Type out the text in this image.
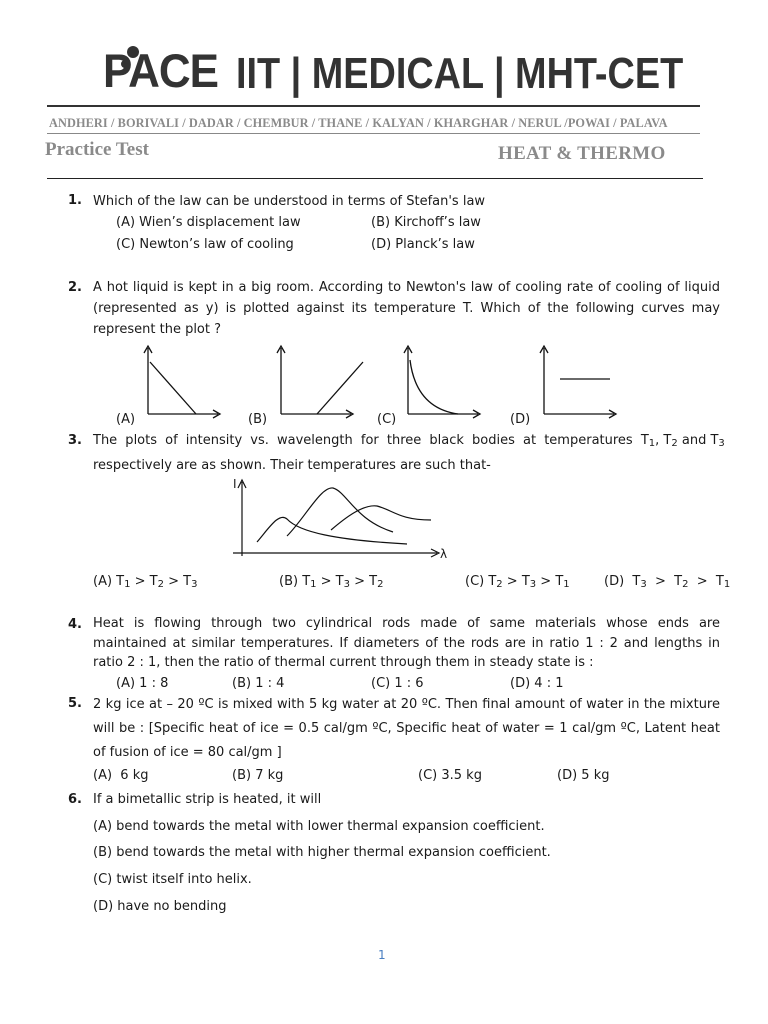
PACE IIT | MEDICAL | MHT-CET
ANDHERI / BORIVALI / DADAR / CHEMBUR / THANE / KALYAN / KHARGHAR / NERUL /POWAI / PALAVA
Practice Test	HEAT & THERMO
1. Which of the law can be understood in terms of Stefan's law
(A) Wien’s displacement law	(B) Kirchoff’s law
(C) Newton’s law of cooling	(D) Planck’s law
2. A hot liquid is kept in a big room. According to Newton's law of cooling rate of cooling of liquid (represented as y) is plotted against its temperature T. Which of the following curves may represent the plot ?
(A)	(B)	(C)	(D)
3. The plots of intensity vs. wavelength for three black bodies at temperatures $T_1$, $T_2$ and $T_3$
respectively are as shown. Their temperatures are such that-
I
λ
(A) $T_1 > T_2 > T_3$	(B) $T_1 > T_3 > T_2$	(C) $T_2 > T_3 > T_1$	(D)  $T_3 > T_2 > T_1$
4. Heat is flowing through two cylindrical rods made of same materials whose ends are maintained at similar temperatures. If diameters of the rods are in ratio 1 : 2 and lengths in ratio 2 : 1, then the ratio of thermal current through them in steady state is :
(A) 1 : 8	(B) 1 : 4	(C) 1 : 6	(D) 4 : 1
5. 2 kg ice at – 20 ºC is mixed with 5 kg water at 20 ºC. Then final amount of water in the mixture will be : [Specific heat of ice = 0.5 cal/gm ºC, Specific heat of water = 1 cal/gm ºC, Latent heat of fusion of ice = 80 cal/gm ]
(A)  6 kg	(B) 7 kg	(C) 3.5 kg	(D) 5 kg
6. If a bimetallic strip is heated, it will
(A) bend towards the metal with lower thermal expansion coefficient.
(B) bend towards the metal with higher thermal expansion coefficient.
(C) twist itself into helix.
(D) have no bending
1
